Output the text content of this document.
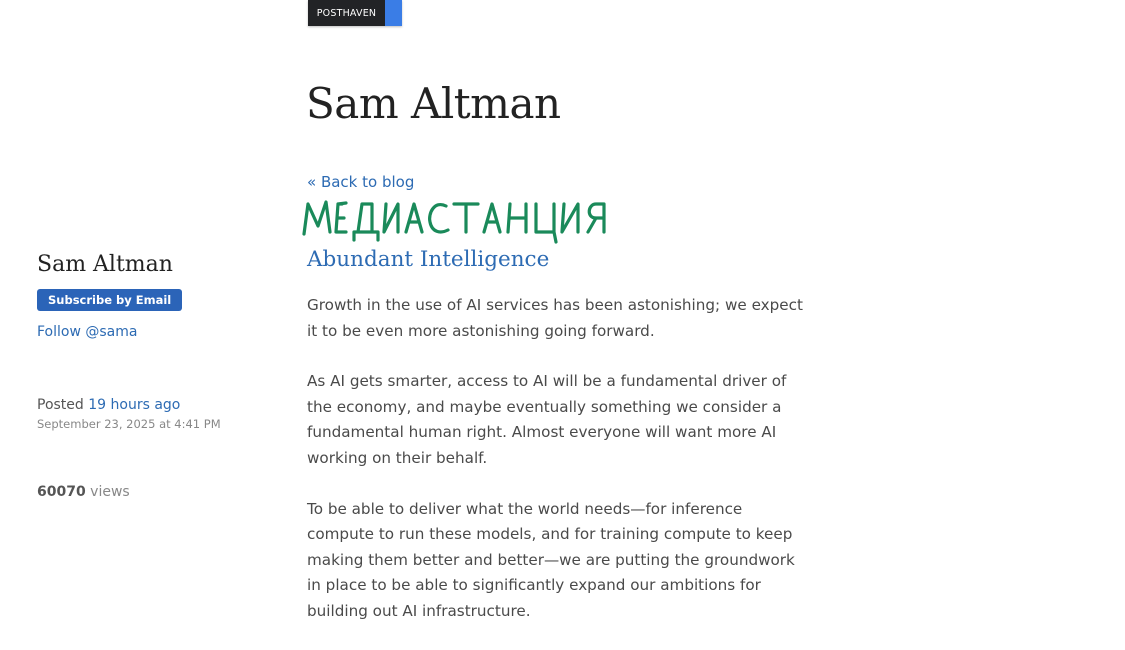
POSTHAVEN
Sam Altman
« Back to blog
Abundant Intelligence

Growth in the use of AI services has been astonishing; we expect it to be even more astonishing going forward.

As AI gets smarter, access to AI will be a fundamental driver of the economy, and maybe eventually something we consider a fundamental human right. Almost everyone will want more AI working on their behalf.

To be able to deliver what the world needs—for inference compute to run these models, and for training compute to keep making them better and better—we are putting the groundwork in place to be able to significantly expand our ambitions for building out AI infrastructure.

Sam Altman
Subscribe by Email
Follow @sama
Posted 19 hours ago
September 23, 2025 at 4:41 PM
60070 views
